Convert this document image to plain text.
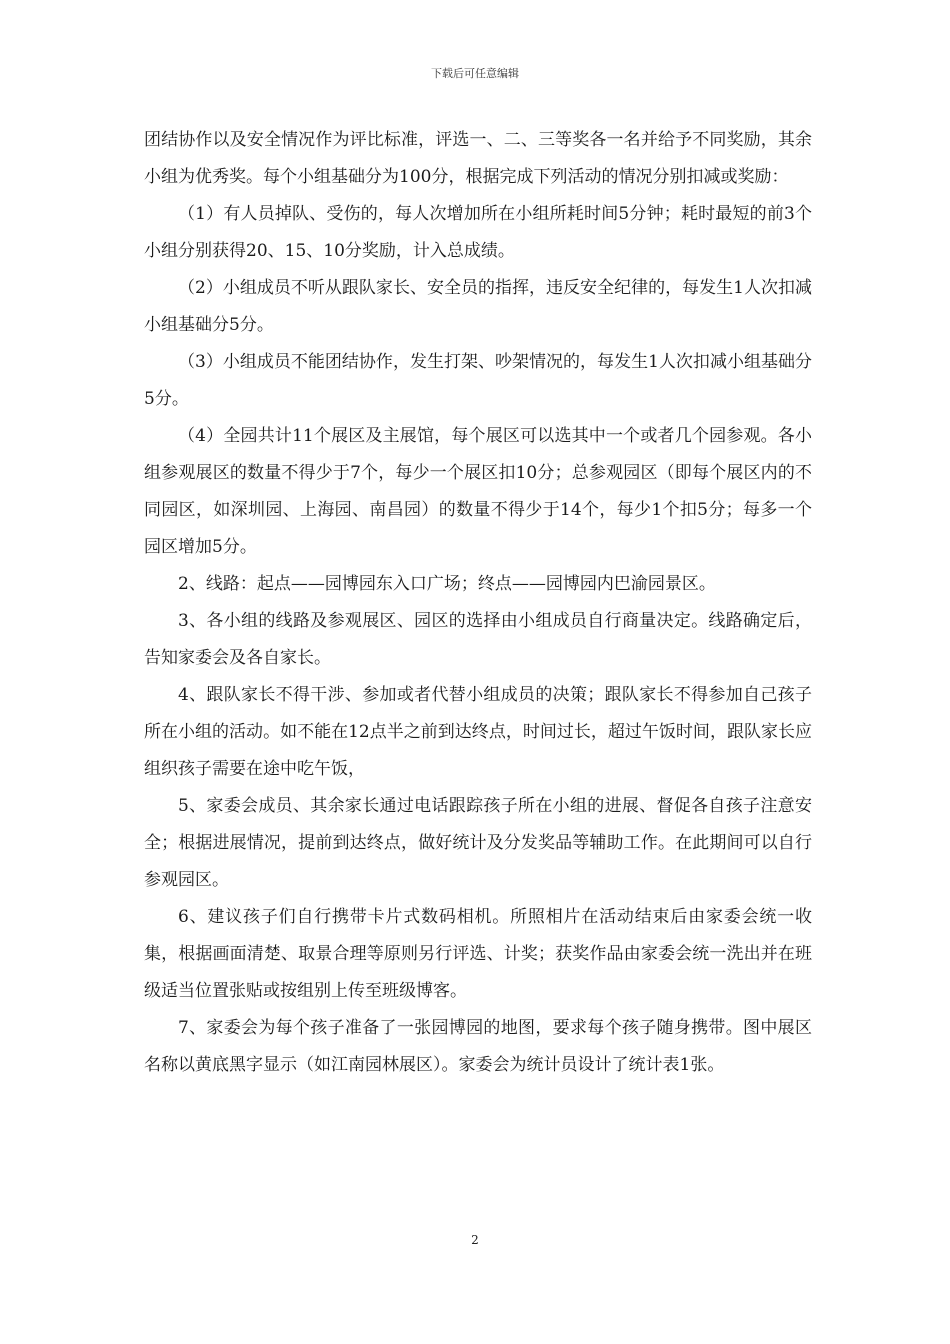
下载后可任意编辑

团结协作以及安全情况作为评比标准，评选一、二、三等奖各一名并给予不同奖励，其余小组为优秀奖。每个小组基础分为100分，根据完成下列活动的情况分别扣减或奖励：

（1）有人员掉队、受伤的，每人次增加所在小组所耗时间5分钟；耗时最短的前3个小组分别获得20、15、10分奖励，计入总成绩。

（2）小组成员不听从跟队家长、安全员的指挥，违反安全纪律的，每发生1人次扣减小组基础分5分。

（3）小组成员不能团结协作，发生打架、吵架情况的，每发生1人次扣减小组基础分5分。

（4）全园共计11个展区及主展馆，每个展区可以选其中一个或者几个园参观。各小组参观展区的数量不得少于7个，每少一个展区扣10分；总参观园区（即每个展区内的不同园区，如深圳园、上海园、南昌园）的数量不得少于14个，每少1个扣5分；每多一个园区增加5分。

2、线路：起点——园博园东入口广场；终点——园博园内巴渝园景区。

3、各小组的线路及参观展区、园区的选择由小组成员自行商量决定。线路确定后，告知家委会及各自家长。

4、跟队家长不得干涉、参加或者代替小组成员的决策；跟队家长不得参加自己孩子所在小组的活动。如不能在12点半之前到达终点，时间过长，超过午饭时间，跟队家长应组织孩子需要在途中吃午饭，

5、家委会成员、其余家长通过电话跟踪孩子所在小组的进展、督促各自孩子注意安全；根据进展情况，提前到达终点，做好统计及分发奖品等辅助工作。在此期间可以自行参观园区。

6、建议孩子们自行携带卡片式数码相机。所照相片在活动结束后由家委会统一收集，根据画面清楚、取景合理等原则另行评选、计奖；获奖作品由家委会统一洗出并在班级适当位置张贴或按组别上传至班级博客。

7、家委会为每个孩子准备了一张园博园的地图，要求每个孩子随身携带。图中展区名称以黄底黑字显示（如江南园林展区）。家委会为统计员设计了统计表1张。

2
